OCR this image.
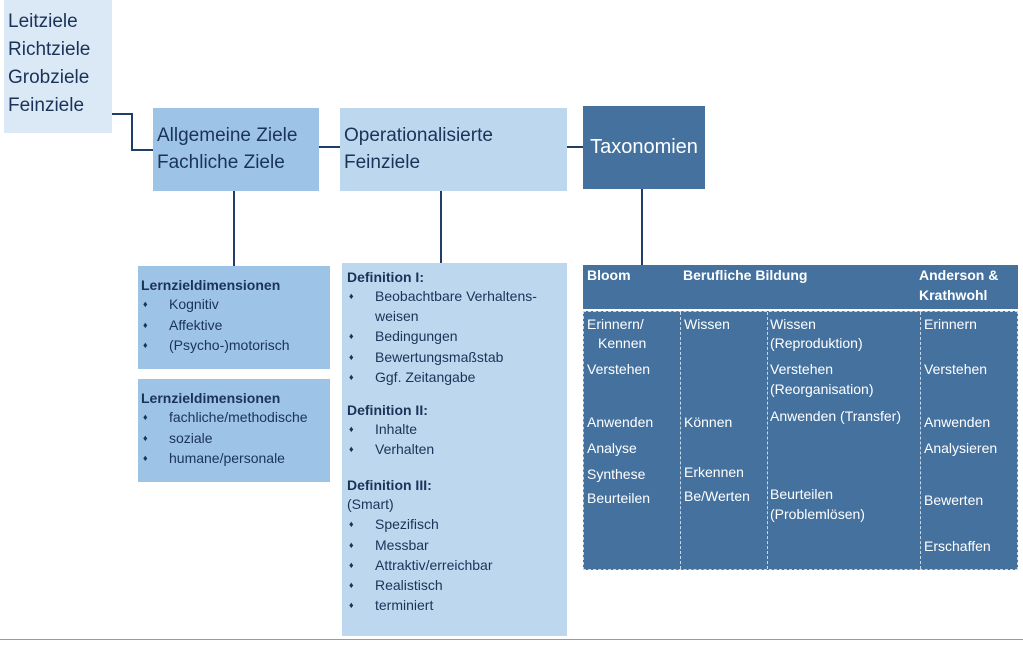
Leitziele
Richtziele
Grobziele
Feinziele
Allgemeine Ziele
Fachliche Ziele
Operationalisierte
Feinziele
Taxonomien
Lernzieldimensionen
♦ Kognitiv
♦ Affektive
♦ (Psycho-)motorisch
Lernzieldimensionen
♦ fachliche/methodische
♦ soziale
♦ humane/personale
Definition I:
♦ Beobachtbare Verhaltens-
weisen
♦ Bedingungen
♦ Bewertungsmaßstab
♦ Ggf. Zeitangabe
Definition II:
♦ Inhalte
♦ Verhalten
Definition III:
(Smart)
♦ Spezifisch
♦ Messbar
♦ Attraktiv/erreichbar
♦ Realistisch
♦ terminiert
Bloom	Berufliche Bildung	Anderson &
Krathwohl
Erinnern/
Kennen
Verstehen
Anwenden
Analyse
Synthese
Beurteilen
Wissen
Können
Erkennen
Be/Werten
Wissen
(Reproduktion)
Verstehen
(Reorganisation)
Anwenden (Transfer)
Beurteilen
(Problemlösen)
Erinnern
Verstehen
Anwenden
Analysieren
Bewerten
Erschaffen
